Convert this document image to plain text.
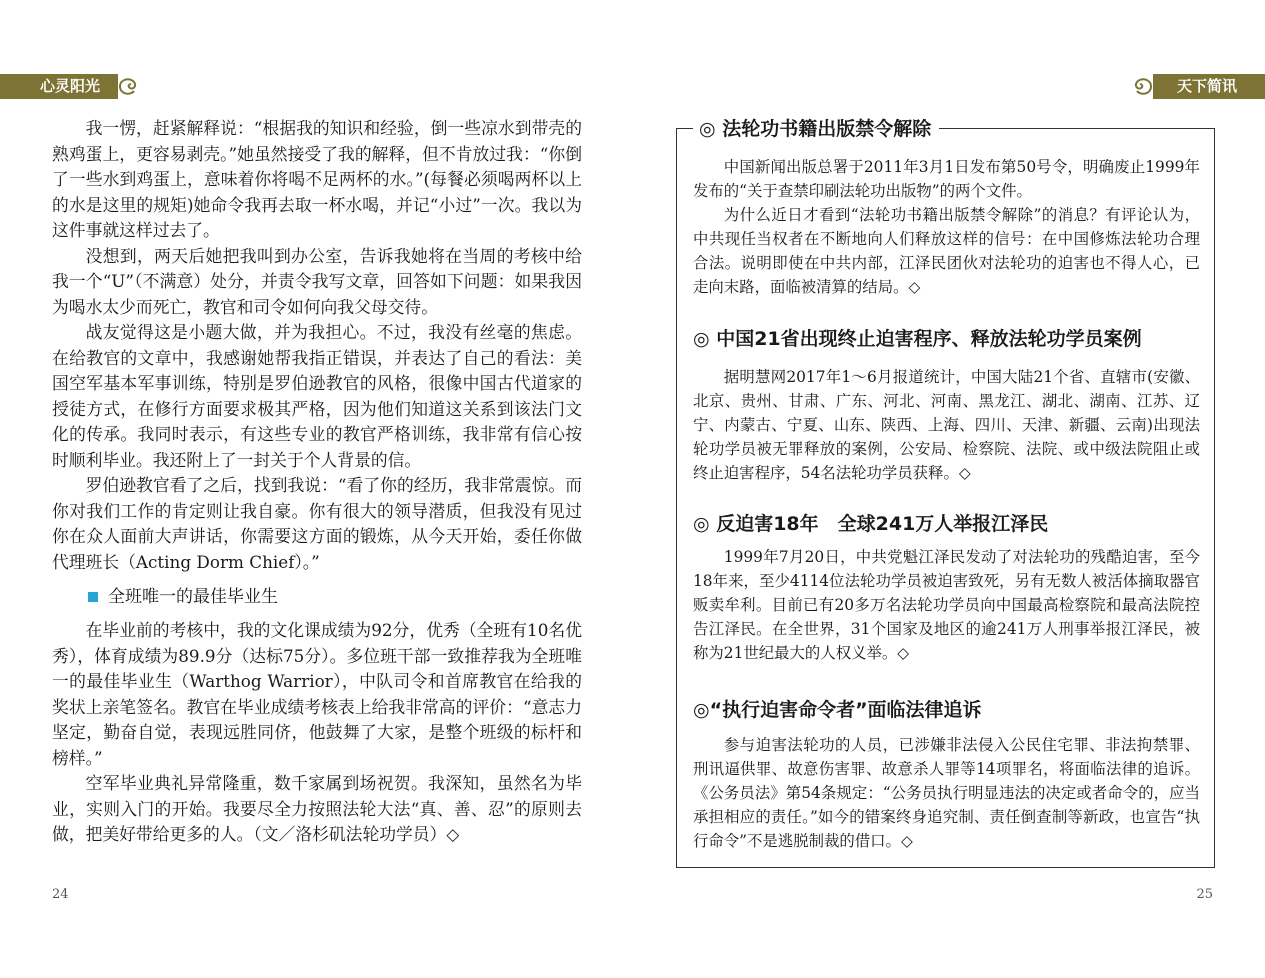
心灵阳光

我一愣，赶紧解释说：“根据我的知识和经验，倒一些凉水到带壳的熟鸡蛋上，更容易剥壳。”她虽然接受了我的解释，但不肯放过我：“你倒了一些水到鸡蛋上，意味着你将喝不足两杯的水。”(每餐必须喝两杯以上的水是这里的规矩)她命令我再去取一杯水喝，并记“小过”一次。我以为这件事就这样过去了。

没想到，两天后她把我叫到办公室，告诉我她将在当周的考核中给我一个“U”（不满意）处分，并责令我写文章，回答如下问题：如果我因为喝水太少而死亡，教官和司令如何向我父母交待。

战友觉得这是小题大做，并为我担心。不过，我没有丝毫的焦虑。在给教官的文章中，我感谢她帮我指正错误，并表达了自己的看法：美国空军基本军事训练，特别是罗伯逊教官的风格，很像中国古代道家的授徒方式，在修行方面要求极其严格，因为他们知道这关系到该法门文化的传承。我同时表示，有这些专业的教官严格训练，我非常有信心按时顺利毕业。我还附上了一封关于个人背景的信。

罗伯逊教官看了之后，找到我说：“看了你的经历，我非常震惊。而你对我们工作的肯定则让我自豪。你有很大的领导潜质，但我没有见过你在众人面前大声讲话，你需要这方面的锻炼，从今天开始，委任你做代理班长（Acting Dorm Chief）。”

全班唯一的最佳毕业生

在毕业前的考核中，我的文化课成绩为92分，优秀（全班有10名优秀），体育成绩为89.9分（达标75分）。多位班干部一致推荐我为全班唯一的最佳毕业生（Warthog Warrior），中队司令和首席教官在给我的奖状上亲笔签名。教官在毕业成绩考核表上给我非常高的评价：“意志力坚定，勤奋自觉，表现远胜同侪，他鼓舞了大家，是整个班级的标杆和榜样。”

空军毕业典礼异常隆重，数千家属到场祝贺。我深知，虽然名为毕业，实则入门的开始。我要尽全力按照法轮大法“真、善、忍”的原则去做，把美好带给更多的人。（文／洛杉矶法轮功学员）◇

24
天下简讯
◎ 法轮功书籍出版禁令解除

中国新闻出版总署于2011年3月1日发布第50号令，明确废止1999年发布的“关于查禁印刷法轮功出版物”的两个文件。

为什么近日才看到“法轮功书籍出版禁令解除”的消息？有评论认为，中共现任当权者在不断地向人们释放这样的信号：在中国修炼法轮功合理合法。说明即使在中共内部，江泽民团伙对法轮功的迫害也不得人心，已走向末路，面临被清算的结局。◇

◎ 中国21省出现终止迫害程序、释放法轮功学员案例

据明慧网2017年1～6月报道统计，中国大陆21个省、直辖市(安徽、北京、贵州、甘肃、广东、河北、河南、黑龙江、湖北、湖南、江苏、辽宁、内蒙古、宁夏、山东、陕西、上海、四川、天津、新疆、云南)出现法轮功学员被无罪释放的案例，公安局、检察院、法院、或中级法院阻止或终止迫害程序，54名法轮功学员获释。◇

◎ 反迫害18年　全球241万人举报江泽民

1999年7月20日，中共党魁江泽民发动了对法轮功的残酷迫害，至今18年来，至少4114位法轮功学员被迫害致死，另有无数人被活体摘取器官贩卖牟利。目前已有20多万名法轮功学员向中国最高检察院和最高法院控告江泽民。在全世界，31个国家及地区的逾241万人刑事举报江泽民，被称为21世纪最大的人权义举。◇

◎“执行迫害命令者”面临法律追诉

参与迫害法轮功的人员，已涉嫌非法侵入公民住宅罪、非法拘禁罪、刑讯逼供罪、故意伤害罪、故意杀人罪等14项罪名，将面临法律的追诉。《公务员法》第54条规定：“公务员执行明显违法的决定或者命令的，应当承担相应的责任。”如今的错案终身追究制、责任倒查制等新政，也宣告“执行命令”不是逃脱制裁的借口。◇

25
